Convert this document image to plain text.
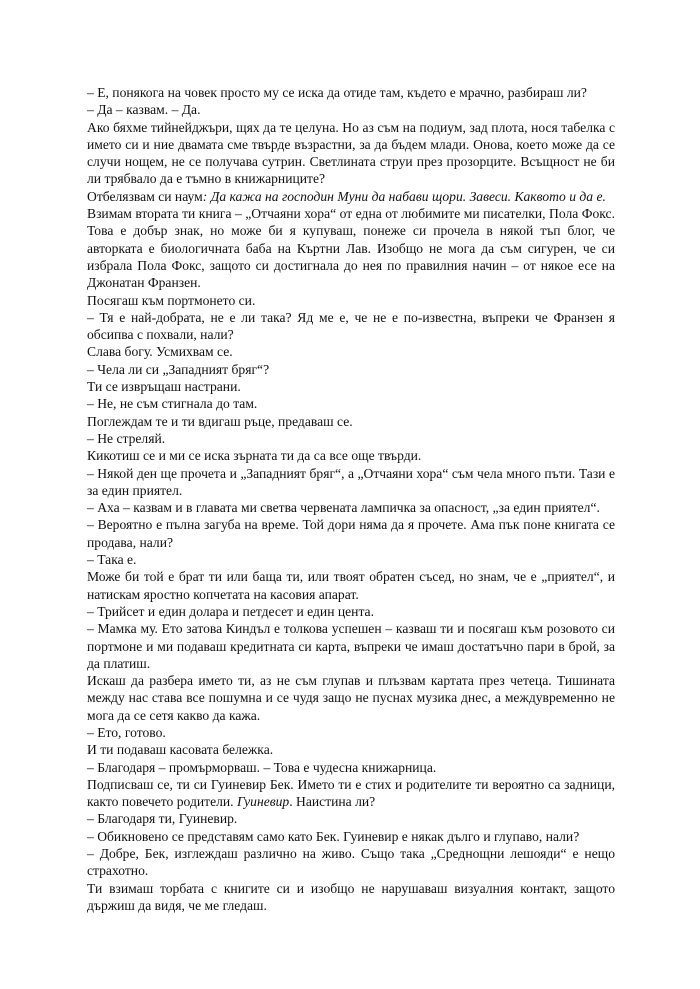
– Е, понякога на човек просто му се иска да отиде там, където е мрачно, разбираш ли?
– Да – казвам. – Да.
Ако бяхме тийнейджъри, щях да те целуна. Но аз съм на подиум, зад плота, нося табелка с името си и ние двамата сме твърде възрастни, за да бъдем млади. Онова, което може да се случи нощем, не се получава сутрин. Светлината струи през прозорците. Всъщност не би ли трябвало да е тъмно в книжарниците?
Отбелязвам си наум: Да кажа на господин Муни да набави щори. Завеси. Каквото и да е.
Взимам втората ти книга – „Отчаяни хора“ от една от любимите ми писателки, Пола Фокс. Това е добър знак, но може би я купуваш, понеже си прочела в някой тъп блог, че авторката е биологичната баба на Къртни Лав. Изобщо не мога да съм сигурен, че си избрала Пола Фокс, защото си достигнала до нея по правилния начин – от някое есе на Джонатан Франзен.
Посягаш към портмонето си.
– Тя е най-добрата, не е ли така? Яд ме е, че не е по-известна, въпреки че Франзен я обсипва с похвали, нали?
Слава богу. Усмихвам се.
– Чела ли си „Западният бряг“?
Ти се извръщаш настрани.
– Не, не съм стигнала до там.
Поглеждам те и ти вдигаш ръце, предаваш се.
– Не стреляй.
Кикотиш се и ми се иска зърната ти да са все още твърди.
– Някой ден ще прочета и „Западният бряг“, а „Отчаяни хора“ съм чела много пъти. Тази е за един приятел.
– Аха – казвам и в главата ми светва червената лампичка за опасност, „за един приятел“.
– Вероятно е пълна загуба на време. Той дори няма да я прочете. Ама пък поне книгата се продава, нали?
– Така е.
Може би той е брат ти или баща ти, или твоят обратен съсед, но знам, че е „приятел“, и натискам яростно копчетата на касовия апарат.
– Трийсет и един долара и петдесет и един цента.
– Мамка му. Ето затова Киндъл е толкова успешен – казваш ти и посягаш към розовото си портмоне и ми подаваш кредитната си карта, въпреки че имаш достатъчно пари в брой, за да платиш.
Искаш да разбера името ти, аз не съм глупав и плъзвам картата през четеца. Тишината между нас става все пошумна и се чудя защо не пуснах музика днес, а междувременно не мога да се сетя какво да кажа.
– Ето, готово.
И ти подаваш касовата бележка.
– Благодаря – промърморваш. – Това е чудесна книжарница.
Подписваш се, ти си Гуиневир Бек. Името ти е стих и родителите ти вероятно са задници, както повечето родители. Гуиневир. Наистина ли?
– Благодаря ти, Гуиневир.
– Обикновено се представям само като Бек. Гуиневир е някак дълго и глупаво, нали?
– Добре, Бек, изглеждаш различно на живо. Също така „Среднощни лешояди“ е нещо страхотно.
Ти взимаш торбата с книгите си и изобщо не нарушаваш визуалния контакт, защото държиш да видя, че ме гледаш.
